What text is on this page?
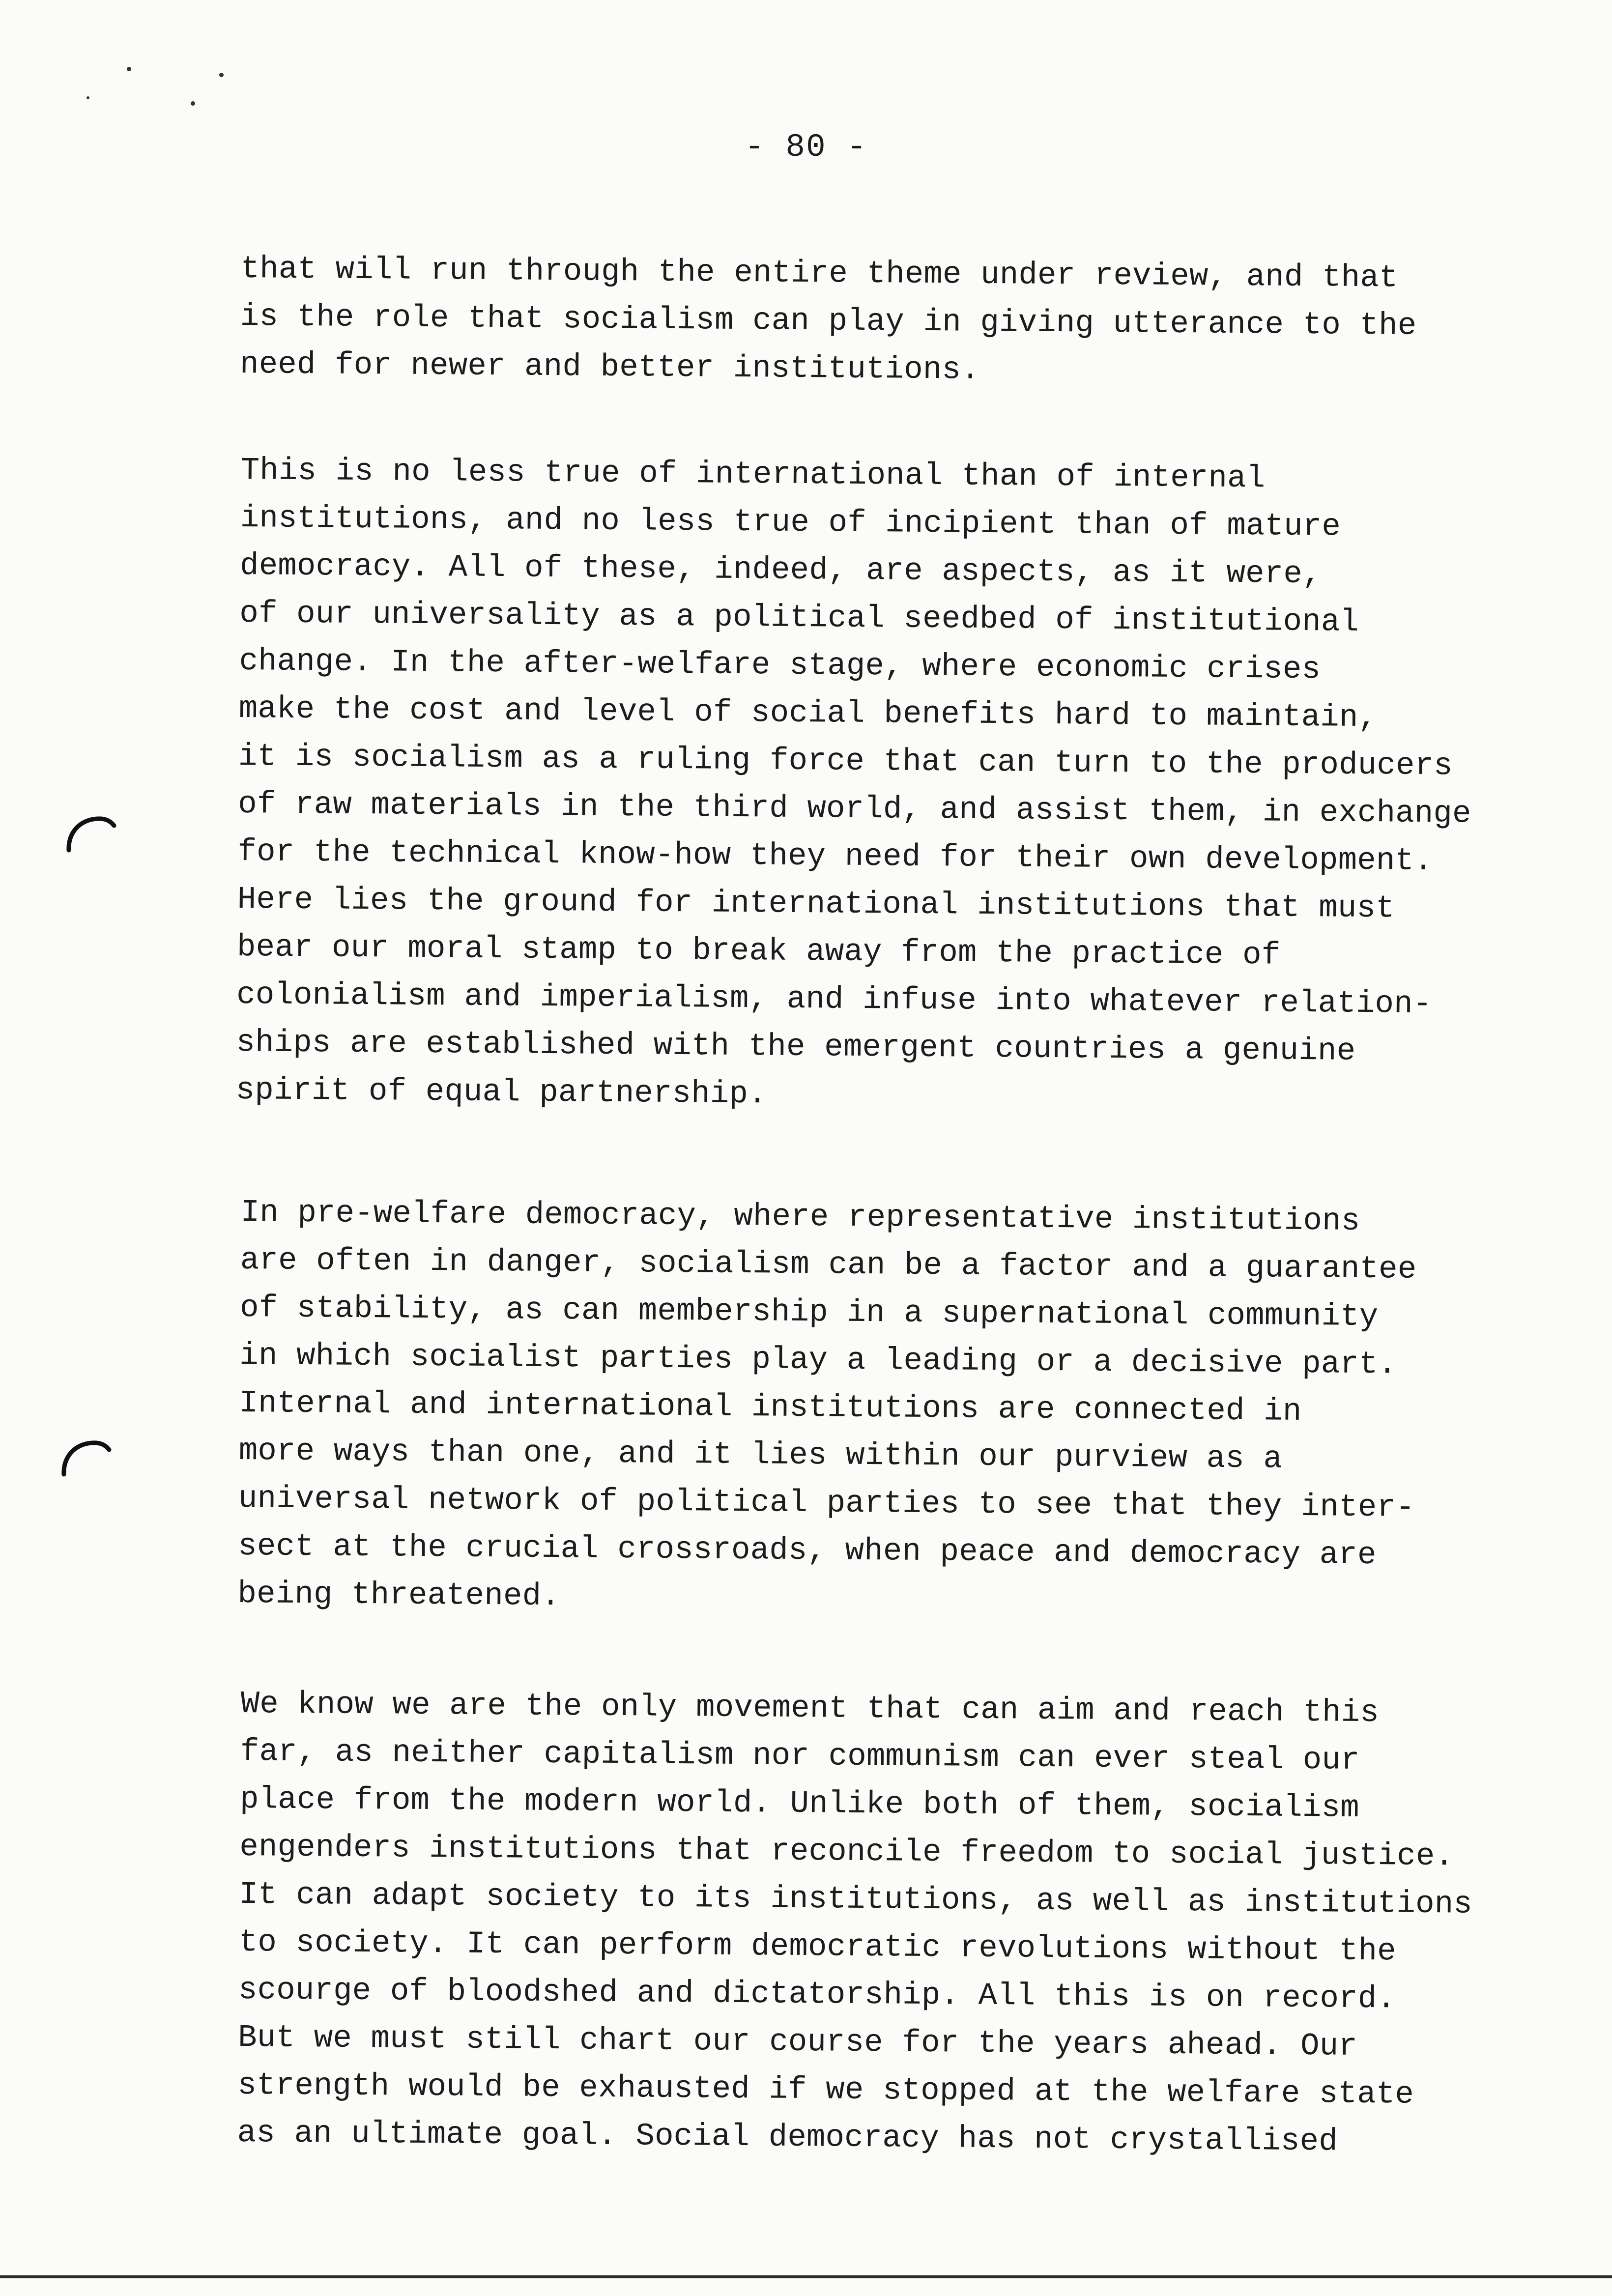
- 80 -
that will run through the entire theme under review, and that
is the role that socialism can play in giving utterance to the
need for newer and better institutions.
This is no less true of international than of internal
institutions, and no less true of incipient than of mature
democracy. All of these, indeed, are aspects, as it were,
of our universality as a political seedbed of institutional
change. In the after-welfare stage, where economic crises
make the cost and level of social benefits hard to maintain,
it is socialism as a ruling force that can turn to the producers
of raw materials in the third world, and assist them, in exchange
for the technical know-how they need for their own development.
Here lies the ground for international institutions that must
bear our moral stamp to break away from the practice of
colonialism and imperialism, and infuse into whatever relation-
ships are established with the emergent countries a genuine
spirit of equal partnership.
In pre-welfare democracy, where representative institutions
are often in danger, socialism can be a factor and a guarantee
of stability, as can membership in a supernational community
in which socialist parties play a leading or a decisive part.
Internal and international institutions are connected in
more ways than one, and it lies within our purview as a
universal network of political parties to see that they inter-
sect at the crucial crossroads, when peace and democracy are
being threatened.
We know we are the only movement that can aim and reach this
far, as neither capitalism nor communism can ever steal our
place from the modern world. Unlike both of them, socialism
engenders institutions that reconcile freedom to social justice.
It can adapt society to its institutions, as well as institutions
to society. It can perform democratic revolutions without the
scourge of bloodshed and dictatorship. All this is on record.
But we must still chart our course for the years ahead. Our
strength would be exhausted if we stopped at the welfare state
as an ultimate goal. Social democracy has not crystallised
